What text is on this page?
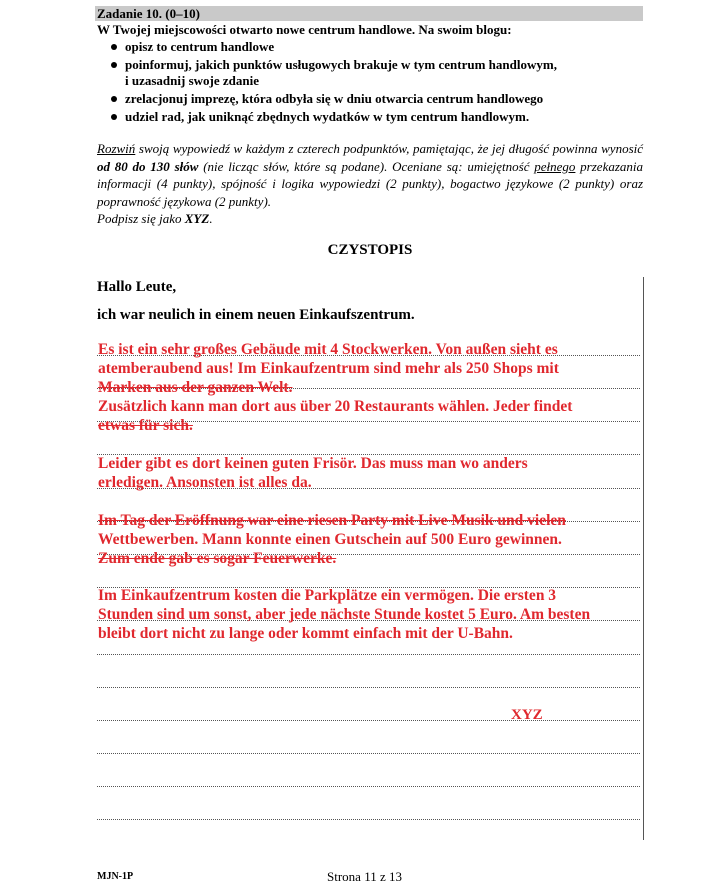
Zadanie 10. (0–10)
W Twojej miejscowości otwarto nowe centrum handlowe. Na swoim blogu:
opisz to centrum handlowe
poinformuj, jakich punktów usługowych brakuje w tym centrum handlowym,
i uzasadnij swoje zdanie
zrelacjonuj imprezę, która odbyła się w dniu otwarcia centrum handlowego
udziel rad, jak uniknąć zbędnych wydatków w tym centrum handlowym.
Rozwiń swoją wypowiedź w każdym z czterech podpunktów, pamiętając, że jej długość powinna wynosić od 80 do 130 słów (nie licząc słów, które są podane). Oceniane są: umiejętność pełnego przekazania informacji (4 punkty), spójność i logika wypowiedzi (2 punkty), bogactwo językowe (2 punkty) oraz poprawność językowa (2 punkty).
Podpisz się jako XYZ.
CZYSTOPIS
Hallo Leute,
ich war neulich in einem neuen Einkaufszentrum.
Es ist ein sehr großes Gebäude mit 4 Stockwerken. Von außen sieht es
atemberaubend aus! Im Einkaufzentrum sind mehr als 250 Shops mit
Marken aus der ganzen Welt.
Zusätzlich kann man dort aus über 20 Restaurants wählen. Jeder findet
etwas für sich.
Leider gibt es dort keinen guten Frisör. Das muss man wo anders
erledigen. Ansonsten ist alles da.
Im Tag der Eröffnung war eine riesen Party mit Live Musik und vielen
Wettbewerben. Mann konnte einen Gutschein auf 500 Euro gewinnen.
Zum ende gab es sogar Feuerwerke.
Im Einkaufzentrum kosten die Parkplätze ein vermögen. Die ersten 3
Stunden sind um sonst, aber jede nächste Stunde kostet 5 Euro. Am besten
bleibt dort nicht zu lange oder kommt einfach mit der U-Bahn.
XYZ
MJN-1P	Strona 11 z 13
